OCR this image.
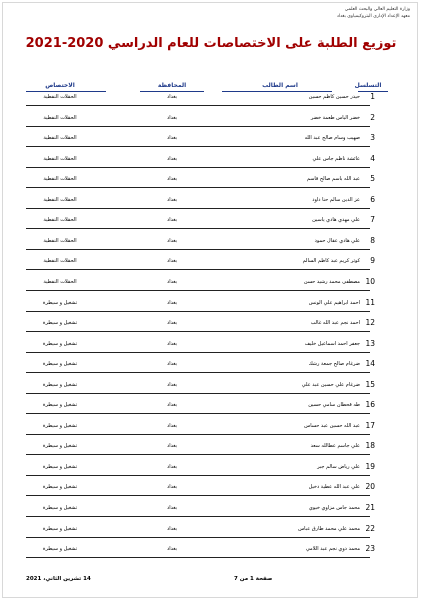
وزارة التعليم العالي والبحث العلمي
معهد الإعداد الإداري البتروكيمياوي بغداد
توزيع الطلبة على الاختصاصات للعام الدراسي 2020-2021
التسلسل
اسم الطالب
المحافظة
الاختصاص
1
حيدر حسين كاظم حسين
بغداد
الحقلات النفطية
2
خضر الياس طعمة خضر
بغداد
الحقلات النفطية
3
صهيب وسام صالح عبد الله
بغداد
الحقلات النفطية
4
عائشة ناظم جاس علي
بغداد
الحقلات النفطية
5
عبد الله باسم صالح قاسم
بغداد
الحقلات النفطية
6
عز الدين سالم حنا داود
بغداد
الحقلات النفطية
7
علي مهدي هادي ياسين
بغداد
الحقلات النفطية
8
علي هادي عقال حمود
بغداد
الحقلات النفطية
9
كوثر كريم عبد كاظم السالم
بغداد
الحقلات النفطية
10
مصطفى محمد رشيد حسن
بغداد
الحقلات النفطية
11
احمد ابراهيم علي الونس
بغداد
تشغيل و سيطرة
12
احمد نجم عبد الله غالب
بغداد
تشغيل و سيطرة
13
جعفر احمد اسماعيل خليف
بغداد
تشغيل و سيطرة
14
ضرغام صالح جمعة رشك
بغداد
تشغيل و سيطرة
15
ضرغام علي حسين عبد علي
بغداد
تشغيل و سيطرة
16
طه قحطان سامي حسين
بغداد
تشغيل و سيطرة
17
عبد الله حسين عبد حساس
بغداد
تشغيل و سيطرة
18
علي جاسم عطالله سعد
بغداد
تشغيل و سيطرة
19
علي رياض سالم جبر
بغداد
تشغيل و سيطرة
20
علي عبد الله عطية دخيل
بغداد
تشغيل و سيطرة
21
محمد جاس مزاوي خيوي
بغداد
تشغيل و سيطرة
22
محمد علي محمد طارق عباس
بغداد
تشغيل و سيطرة
23
محمد ذوي نجم عبد اللامي
بغداد
تشغيل و سيطرة
صفحة 1 من 7
14 تشرين الثاني، 2021
